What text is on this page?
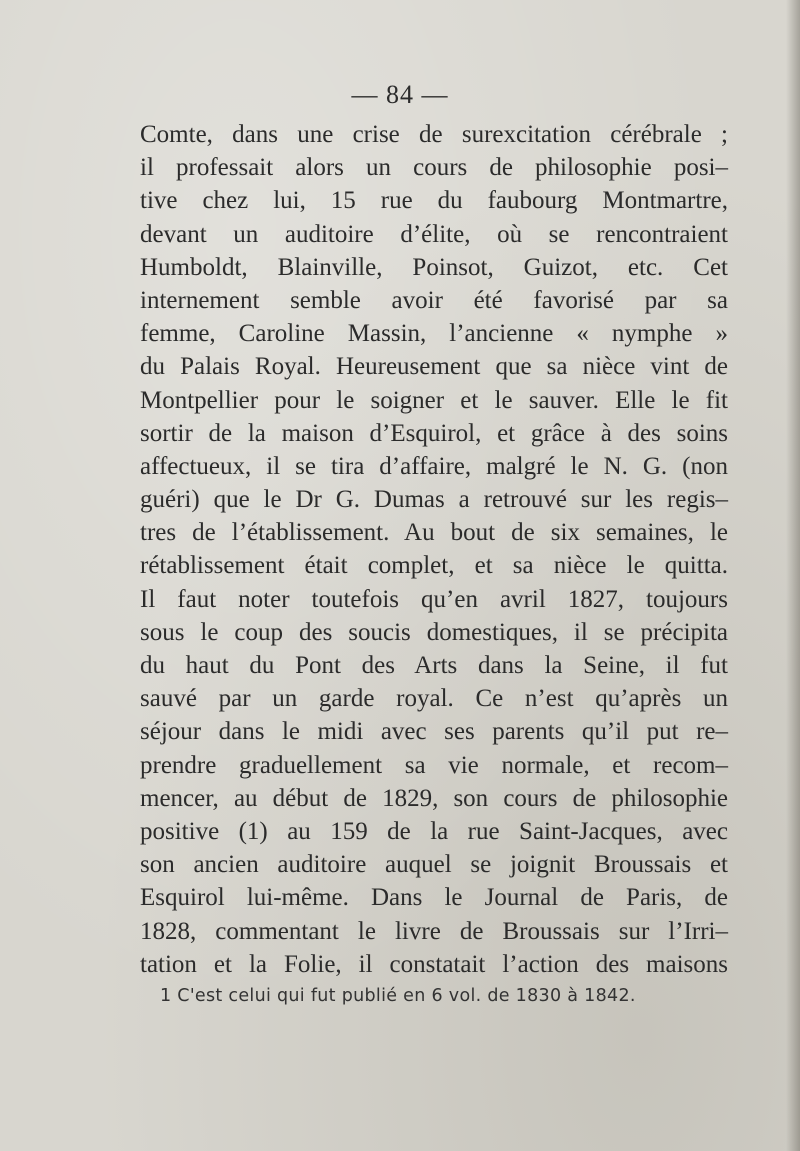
— 84 —
Comte, dans une crise de surexcitation cérébrale ;
il professait alors un cours de philosophie posi–
tive chez lui, 15 rue du faubourg Montmartre,
devant un auditoire d’élite, où se rencontraient
Humboldt, Blainville, Poinsot, Guizot, etc. Cet
internement semble avoir été favorisé par sa
femme, Caroline Massin, l’ancienne « nymphe »
du Palais Royal. Heureusement que sa nièce vint de
Montpellier pour le soigner et le sauver. Elle le fit
sortir de la maison d’Esquirol, et grâce à des soins
affectueux, il se tira d’affaire, malgré le N. G. (non
guéri) que le Dr G. Dumas a retrouvé sur les regis–
tres de l’établissement. Au bout de six semaines, le
rétablissement était complet, et sa nièce le quitta.
Il faut noter toutefois qu’en avril 1827, toujours
sous le coup des soucis domestiques, il se précipita
du haut du Pont des Arts dans la Seine, il fut
sauvé par un garde royal. Ce n’est qu’après un
séjour dans le midi avec ses parents qu’il put re–
prendre graduellement sa vie normale, et recom–
mencer, au début de 1829, son cours de philosophie
positive (1) au 159 de la rue Saint-Jacques, avec
son ancien auditoire auquel se joignit Broussais et
Esquirol lui-même. Dans le Journal de Paris, de
1828, commentant le livre de Broussais sur l’Irri–
tation et la Folie, il constatait l’action des maisons
1 C'est celui qui fut publié en 6 vol. de 1830 à 1842.
